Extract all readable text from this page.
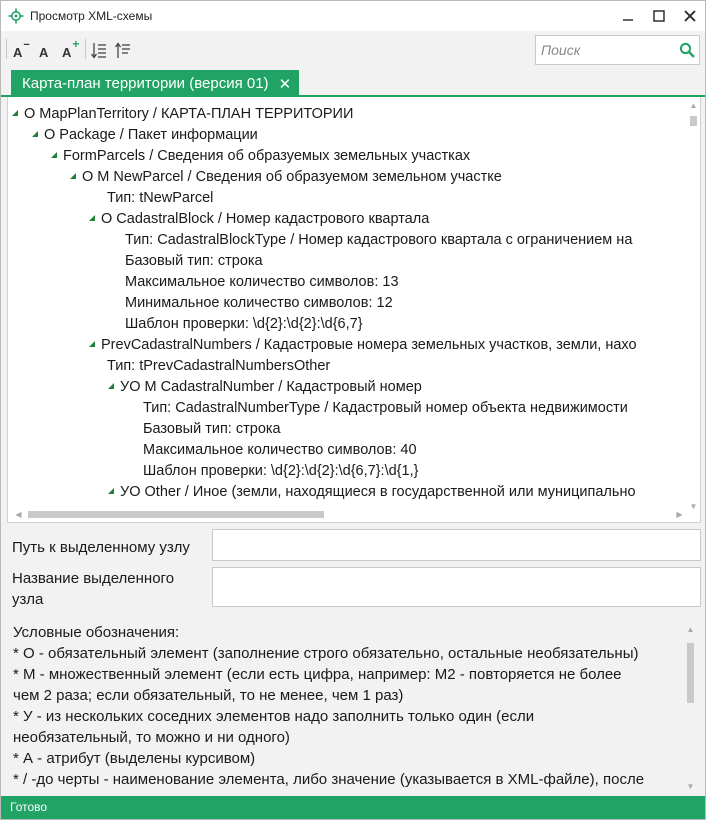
Просмотр XML-схемы
A − A A
+
Поиск
Карта-план территории (версия 01) ✕
O MapPlanTerritory / КАРТА-ПЛАН ТЕРРИТОРИИ
O Package / Пакет информации
FormParcels / Сведения об образуемых земельных участках
O M NewParcel / Сведения об образуемом земельном участке
Тип: tNewParcel
O CadastralBlock / Номер кадастрового квартала
Тип: CadastralBlockType / Номер кадастрового квартала с ограничением на
Базовый тип: строка
Максимальное количество символов: 13
Минимальное количество символов: 12
Шаблон проверки: \d{2}:\d{2}:\d{6,7}
PrevCadastralNumbers / Кадастровые номера земельных участков, земли, нахо
Тип: tPrevCadastralNumbersOther
УO M CadastralNumber / Кадастровый номер
Тип: CadastralNumberType / Кадастровый номер объекта недвижимости
Базовый тип: строка
Максимальное количество символов: 40
Шаблон проверки: \d{2}:\d{2}:\d{6,7}:\d{1,}
УO Other / Иное (земли, находящиеся в государственной или муниципально
▲
▼
◀	▶
Путь к выделенному узлу
Название выделенного
узла
Условные обозначения:
* О - обязательный элемент (заполнение строго обязательно, остальные необязательны)
* М - множественный элемент (если есть цифра, например: М2 - повторяется не более
чем 2 раза; если обязательный, то не менее, чем 1 раз)
* У - из нескольких соседних элементов надо заполнить только один (если
необязательный, то можно и ни одного)
* А - атрибут (выделены курсивом)
* / -до черты - наименование элемента, либо значение (указывается в XML-файле), после
▲
▼
Готово
